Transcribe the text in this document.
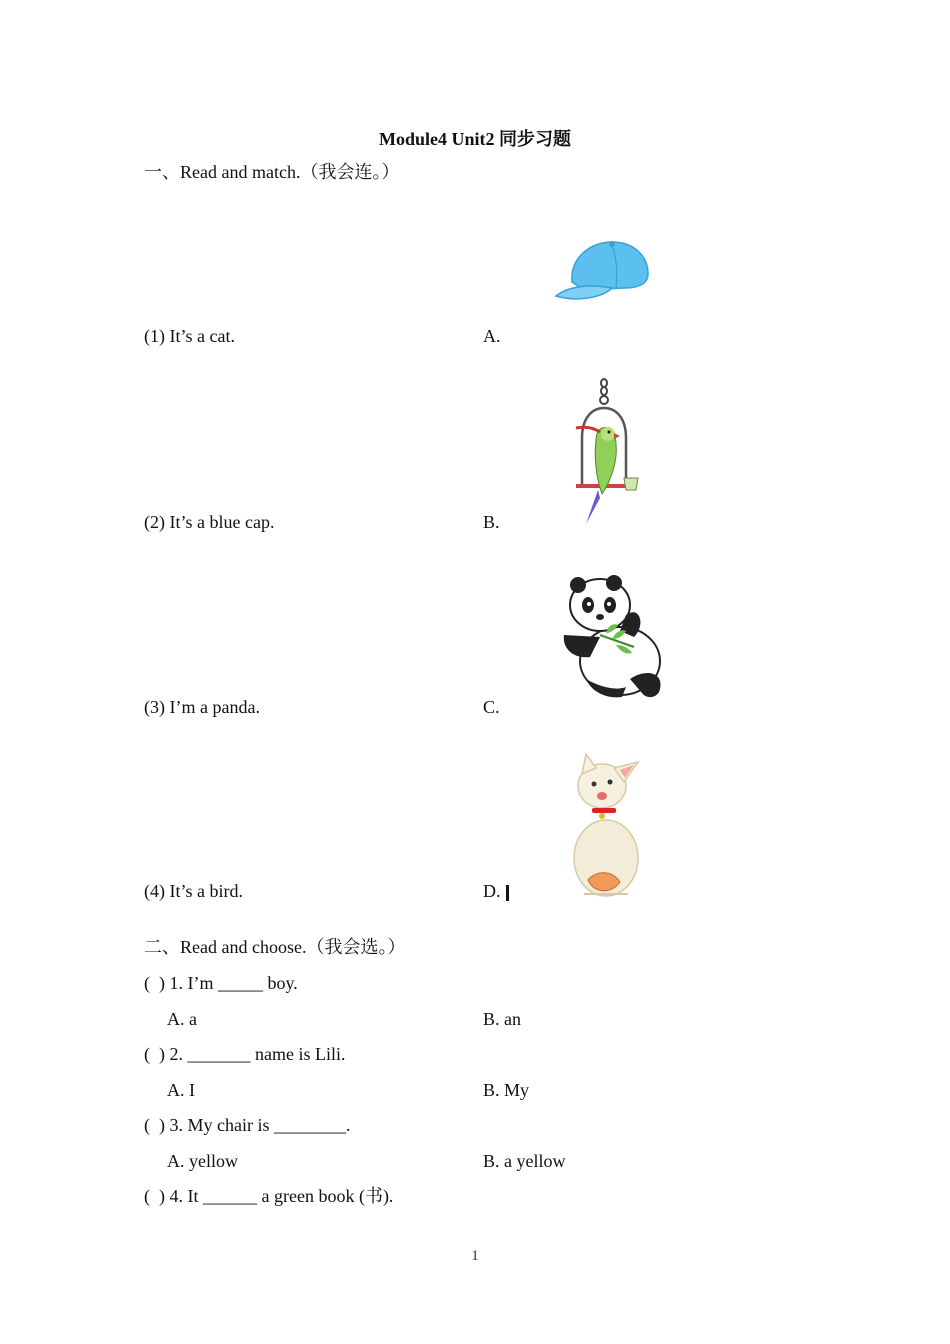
Module4 Unit2 同步习题
一、Read and match.（我会连。）
(1) It’s a cat.	A.
(2) It’s a blue cap.	B.
(3) I’m a panda.	C.
(4) It’s a bird.	D.
二、Read and choose.（我会选。）
(  ) 1. I’m _____ boy.
A. a	B. an
(  ) 2. _______ name is Lili.
A. I	B. My
(  ) 3. My chair is ________.
A. yellow	B. a yellow
(  ) 4. It ______ a green book (书).
1
